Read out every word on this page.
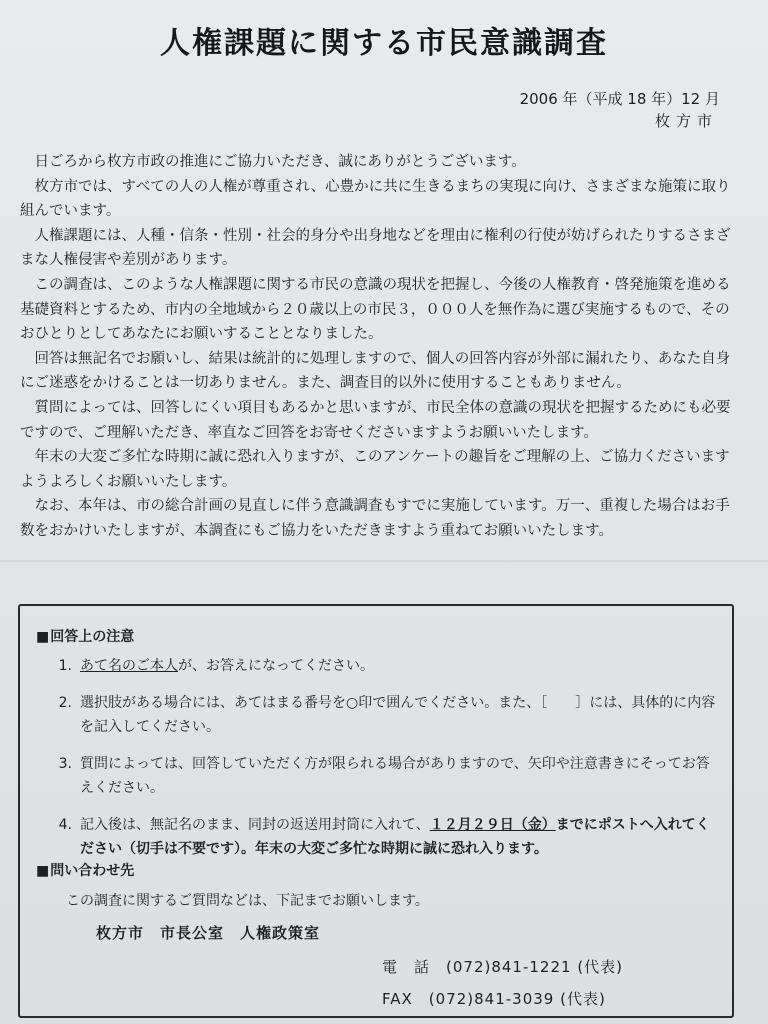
人権課題に関する市民意識調査
2006 年（平成 18 年）12 月
枚方市

日ごろから枚方市政の推進にご協力いただき、誠にありがとうございます。

枚方市では、すべての人の人権が尊重され、心豊かに共に生きるまちの実現に向け、さまざまな施策に取り組んでいます。

人権課題には、人種・信条・性別・社会的身分や出身地などを理由に権利の行使が妨げられたりするさまざまな人権侵害や差別があります。

この調査は、このような人権課題に関する市民の意識の現状を把握し、今後の人権教育・啓発施策を進める基礎資料とするため、市内の全地域から２０歳以上の市民３，０００人を無作為に選び実施するもので、そのおひとりとしてあなたにお願いすることとなりました。

回答は無記名でお願いし、結果は統計的に処理しますので、個人の回答内容が外部に漏れたり、あなた自身にご迷惑をかけることは一切ありません。また、調査目的以外に使用することもありません。

質問によっては、回答しにくい項目もあるかと思いますが、市民全体の意識の現状を把握するためにも必要ですので、ご理解いただき、率直なご回答をお寄せくださいますようお願いいたします。

年末の大変ご多忙な時期に誠に恐れ入りますが、このアンケートの趣旨をご理解の上、ご協力くださいますようよろしくお願いいたします。

なお、本年は、市の総合計画の見直しに伴う意識調査もすでに実施しています。万一、重複した場合はお手数をおかけいたしますが、本調査にもご協力をいただきますよう重ねてお願いいたします。

■ 回答上の注意
1. あて名のご本人が、お答えになってください。
2. 選択肢がある場合には、あてはまる番号を○印で囲んでください。また、［　　］には、具体的に内容を記入してください。
3. 質問によっては、回答していただく方が限られる場合がありますので、矢印や注意書きにそってお答えください。
4. 記入後は、無記名のまま、同封の返送用封筒に入れて、１２月２９日（金）までにポストへ入れてください（切手は不要です）。年末の大変ご多忙な時期に誠に恐れ入ります。
■ 問い合わせ先
この調査に関するご質問などは、下記までお願いします。
枚方市　市長公室　人権政策室
電　話　(072)841-1221 (代表)
FAX　(072)841-3039 (代表)
